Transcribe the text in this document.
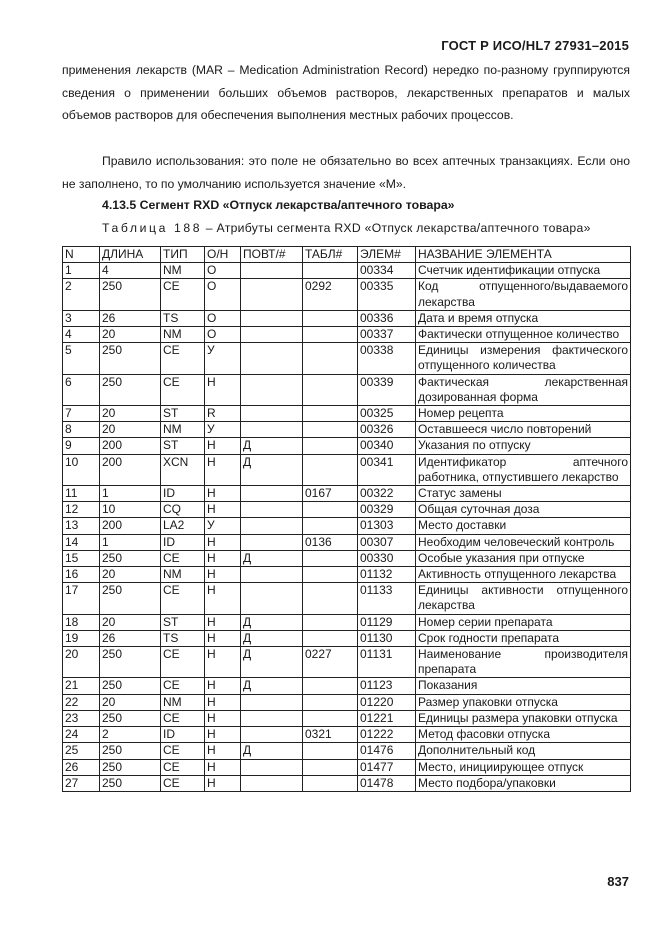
ГОСТ Р ИСО/HL7 27931–2015
применения лекарств (MAR – Medication Administration Record) нередко по-разному группируются сведения о применении больших объемов растворов, лекарственных препаратов и малых объемов растворов для обеспечения выполнения местных рабочих процессов.
Правило использования: это поле не обязательно во всех аптечных транзакциях. Если оно не заполнено, то по умолчанию используется значение «M».
4.13.5 Сегмент RXD «Отпуск лекарства/аптечного товара»
Таблица 188 – Атрибуты сегмента RXD «Отпуск лекарства/аптечного товара»
N	ДЛИНА	ТИП	О/Н	ПОВТ/#	ТАБЛ#	ЭЛЕМ#	НАЗВАНИЕ ЭЛЕМЕНТА
1	4	NM	O			00334	Счетчик идентификации отпуска
2	250	CE	O		0292	00335	Код отпущенного/выдаваемого лекарства
3	26	TS	O			00336	Дата и время отпуска
4	20	NM	O			00337	Фактически отпущенное количество
5	250	CE	У			00338	Единицы измерения фактического отпущенного количества
6	250	CE	Н			00339	Фактическая лекарственная дозированная форма
7	20	ST	R			00325	Номер рецепта
8	20	NM	У			00326	Оставшееся число повторений
9	200	ST	Н	Д		00340	Указания по отпуску
10	200	XCN	Н	Д		00341	Идентификатор аптечного работника, отпустившего лекарство
11	1	ID	Н		0167	00322	Статус замены
12	10	CQ	Н			00329	Общая суточная доза
13	200	LA2	У			01303	Место доставки
14	1	ID	Н		0136	00307	Необходим человеческий контроль
15	250	CE	Н	Д		00330	Особые указания при отпуске
16	20	NM	Н			01132	Активность отпущенного лекарства
17	250	CE	Н			01133	Единицы активности отпущенного лекарства
18	20	ST	Н	Д		01129	Номер серии препарата
19	26	TS	Н	Д		01130	Срок годности препарата
20	250	CE	Н	Д	0227	01131	Наименование производителя препарата
21	250	CE	Н	Д		01123	Показания
22	20	NM	Н			01220	Размер упаковки отпуска
23	250	CE	Н			01221	Единицы размера упаковки отпуска
24	2	ID	Н		0321	01222	Метод фасовки отпуска
25	250	CE	Н	Д		01476	Дополнительный код
26	250	CE	Н			01477	Место, инициирующее отпуск
27	250	CE	Н			01478	Место подбора/упаковки
837
